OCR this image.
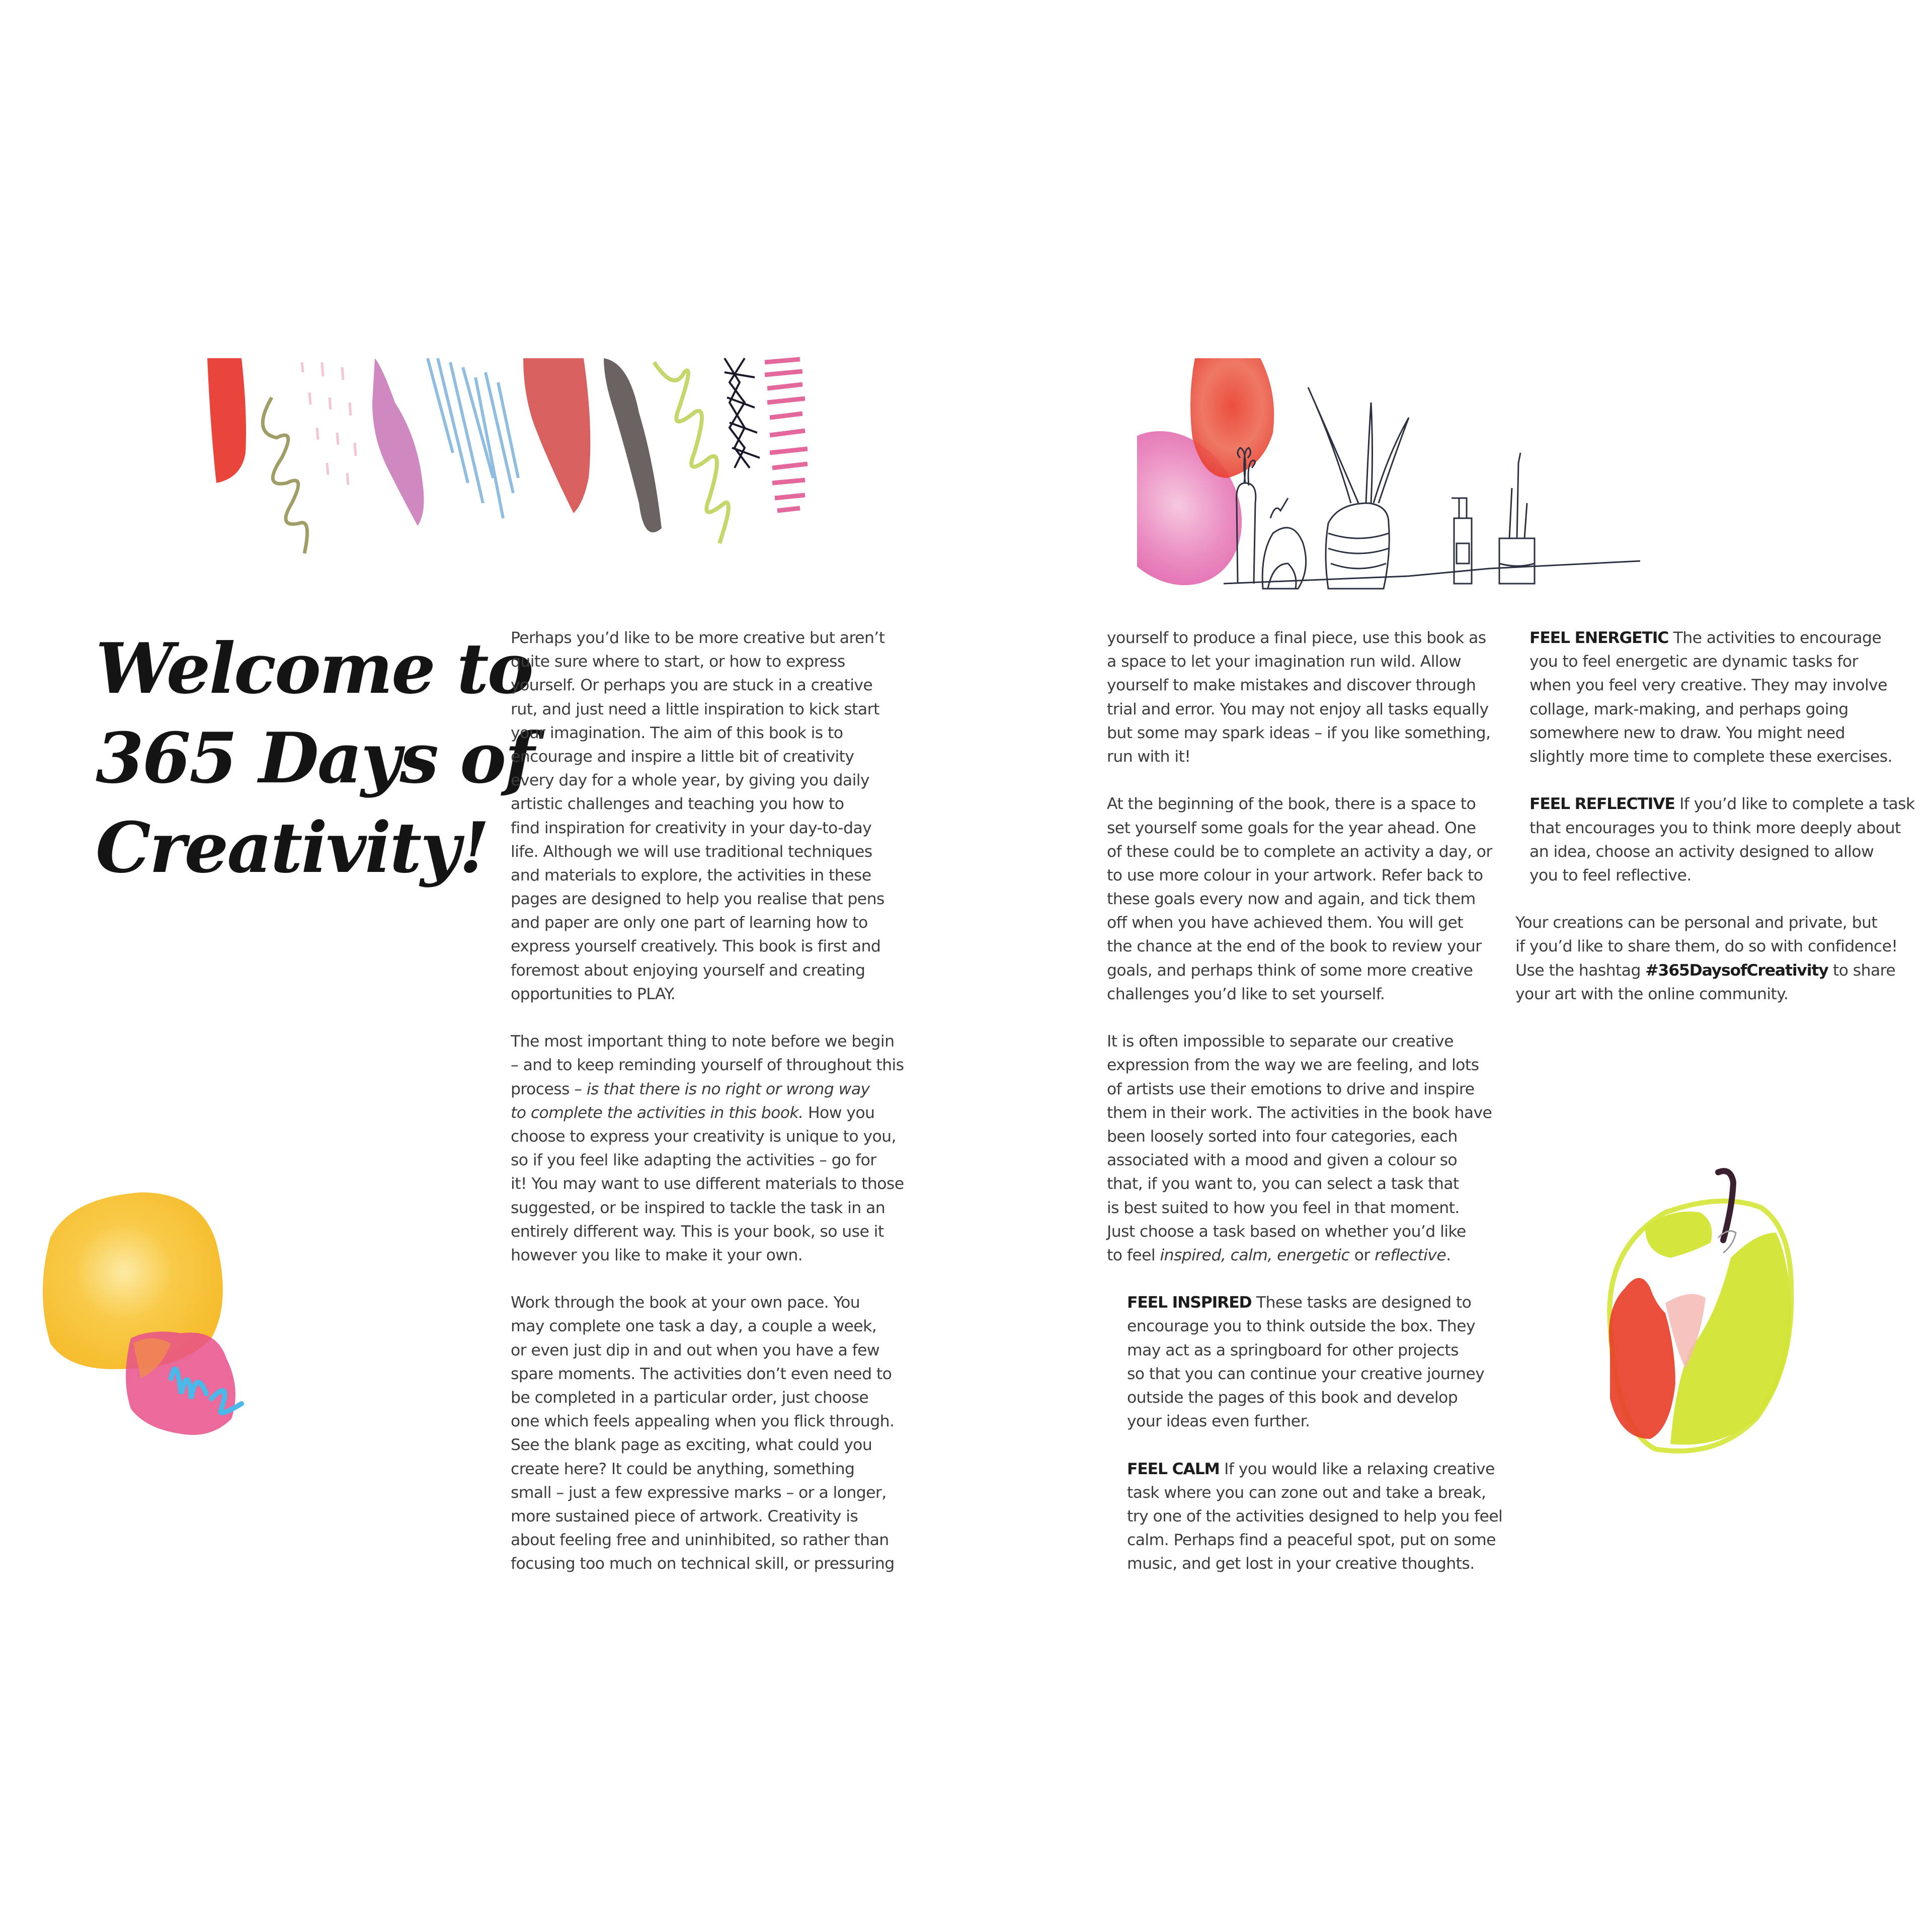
Welcome to
365 Days of
Creativity!
Perhaps you’d like to be more creative but aren’t
quite sure where to start, or how to express
yourself. Or perhaps you are stuck in a creative
rut, and just need a little inspiration to kick start
your imagination. The aim of this book is to
encourage and inspire a little bit of creativity
every day for a whole year, by giving you daily
artistic challenges and teaching you how to
find inspiration for creativity in your day-to-day
life. Although we will use traditional techniques
and materials to explore, the activities in these
pages are designed to help you realise that pens
and paper are only one part of learning how to
express yourself creatively. This book is first and
foremost about enjoying yourself and creating
opportunities to PLAY.
The most important thing to note before we begin
– and to keep reminding yourself of throughout this
process – is that there is no right or wrong way
to complete the activities in this book. How you
choose to express your creativity is unique to you,
so if you feel like adapting the activities – go for
it! You may want to use different materials to those
suggested, or be inspired to tackle the task in an
entirely different way. This is your book, so use it
however you like to make it your own.
Work through the book at your own pace. You
may complete one task a day, a couple a week,
or even just dip in and out when you have a few
spare moments. The activities don’t even need to
be completed in a particular order, just choose
one which feels appealing when you flick through.
See the blank page as exciting, what could you
create here? It could be anything, something
small – just a few expressive marks – or a longer,
more sustained piece of artwork. Creativity is
about feeling free and uninhibited, so rather than
focusing too much on technical skill, or pressuring
yourself to produce a final piece, use this book as
a space to let your imagination run wild. Allow
yourself to make mistakes and discover through
trial and error. You may not enjoy all tasks equally
but some may spark ideas – if you like something,
run with it!
At the beginning of the book, there is a space to
set yourself some goals for the year ahead. One
of these could be to complete an activity a day, or
to use more colour in your artwork. Refer back to
these goals every now and again, and tick them
off when you have achieved them. You will get
the chance at the end of the book to review your
goals, and perhaps think of some more creative
challenges you’d like to set yourself.
It is often impossible to separate our creative
expression from the way we are feeling, and lots
of artists use their emotions to drive and inspire
them in their work. The activities in the book have
been loosely sorted into four categories, each
associated with a mood and given a colour so
that, if you want to, you can select a task that
is best suited to how you feel in that moment.
Just choose a task based on whether you’d like
to feel inspired, calm, energetic or reflective.
FEEL INSPIRED These tasks are designed to
encourage you to think outside the box. They
may act as a springboard for other projects
so that you can continue your creative journey
outside the pages of this book and develop
your ideas even further.
FEEL CALM If you would like a relaxing creative
task where you can zone out and take a break,
try one of the activities designed to help you feel
calm. Perhaps find a peaceful spot, put on some
music, and get lost in your creative thoughts.
FEEL ENERGETIC The activities to encourage
you to feel energetic are dynamic tasks for
when you feel very creative. They may involve
collage, mark-making, and perhaps going
somewhere new to draw. You might need
slightly more time to complete these exercises.
FEEL REFLECTIVE If you’d like to complete a task
that encourages you to think more deeply about
an idea, choose an activity designed to allow
you to feel reflective.
Your creations can be personal and private, but
if you’d like to share them, do so with confidence!
Use the hashtag #365DaysofCreativity to share
your art with the online community.
